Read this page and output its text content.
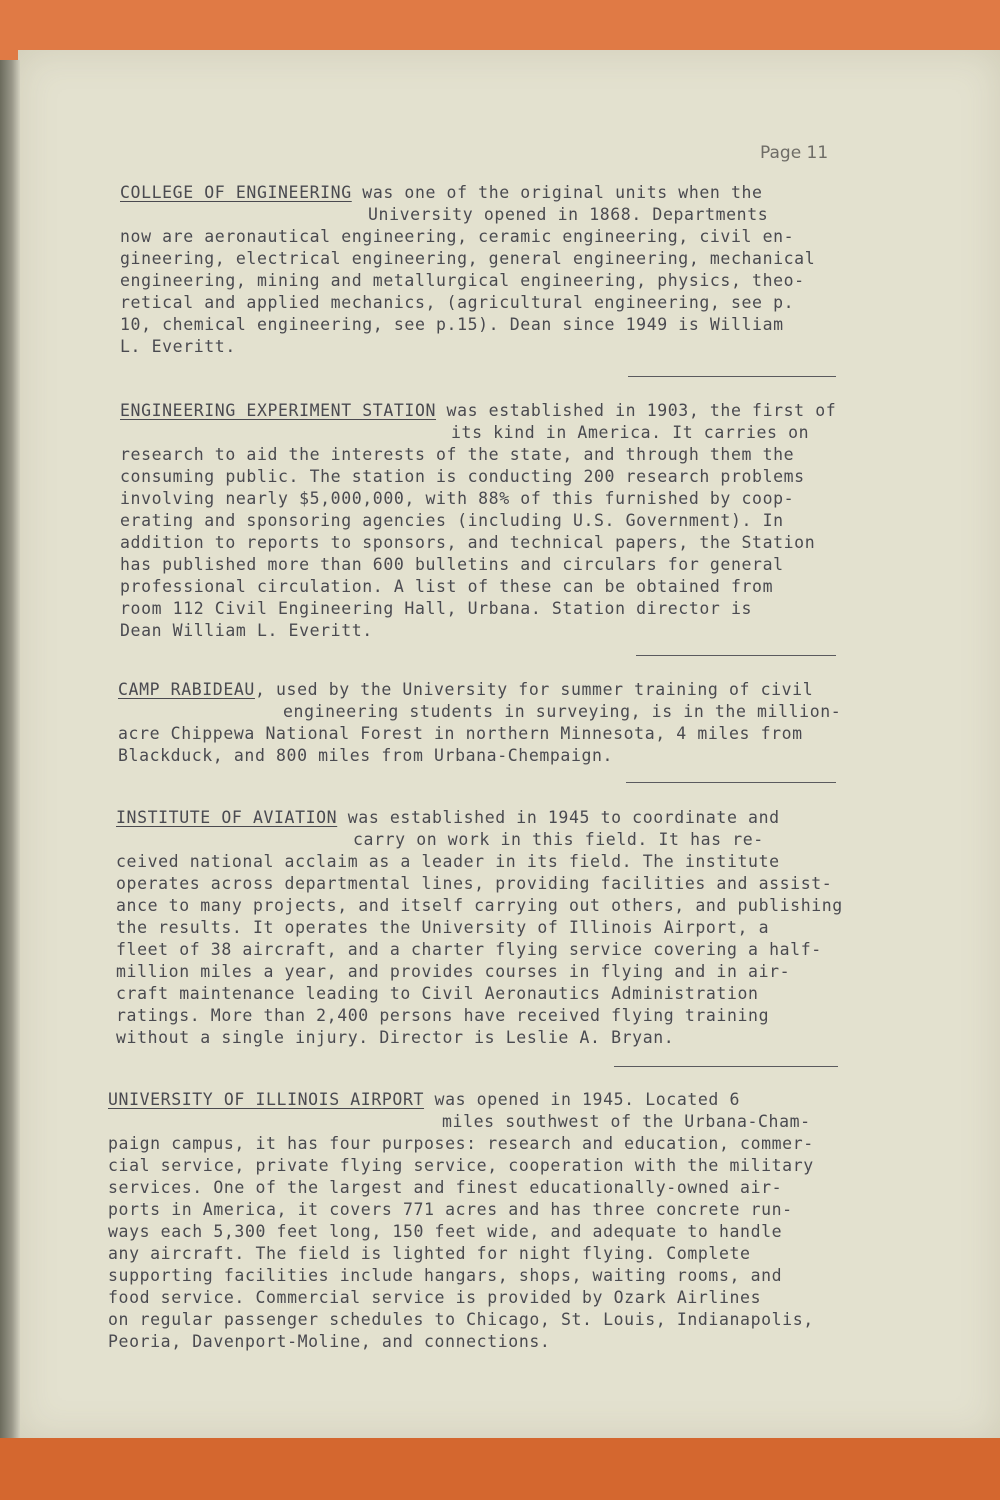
Page 11
COLLEGE OF ENGINEERING was one of the original units when the
University opened in 1868. Departments
now are aeronautical engineering, ceramic engineering, civil en-
gineering, electrical engineering, general engineering, mechanical
engineering, mining and metallurgical engineering, physics, theo-
retical and applied mechanics, (agricultural engineering, see p.
10, chemical engineering, see p.15). Dean since 1949 is William
L. Everitt.
ENGINEERING EXPERIMENT STATION was established in 1903, the first of
its kind in America. It carries on
research to aid the interests of the state, and through them the
consuming public. The station is conducting 200 research problems
involving nearly $5,000,000, with 88% of this furnished by coop-
erating and sponsoring agencies (including U.S. Government). In
addition to reports to sponsors, and technical papers, the Station
has published more than 600 bulletins and circulars for general
professional circulation. A list of these can be obtained from
room 112 Civil Engineering Hall, Urbana. Station director is
Dean William L. Everitt.
CAMP RABIDEAU, used by the University for summer training of civil
engineering students in surveying, is in the million-
acre Chippewa National Forest in northern Minnesota, 4 miles from
Blackduck, and 800 miles from Urbana-Chempaign.
INSTITUTE OF AVIATION was established in 1945 to coordinate and
carry on work in this field. It has re-
ceived national acclaim as a leader in its field. The institute
operates across departmental lines, providing facilities and assist-
ance to many projects, and itself carrying out others, and publishing
the results. It operates the University of Illinois Airport, a
fleet of 38 aircraft, and a charter flying service covering a half-
million miles a year, and provides courses in flying and in air-
craft maintenance leading to Civil Aeronautics Administration
ratings. More than 2,400 persons have received flying training
without a single injury. Director is Leslie A. Bryan.
UNIVERSITY OF ILLINOIS AIRPORT was opened in 1945. Located 6
miles southwest of the Urbana-Cham-
paign campus, it has four purposes: research and education, commer-
cial service, private flying service, cooperation with the military
services. One of the largest and finest educationally-owned air-
ports in America, it covers 771 acres and has three concrete run-
ways each 5,300 feet long, 150 feet wide, and adequate to handle
any aircraft. The field is lighted for night flying. Complete
supporting facilities include hangars, shops, waiting rooms, and
food service. Commercial service is provided by Ozark Airlines
on regular passenger schedules to Chicago, St. Louis, Indianapolis,
Peoria, Davenport-Moline, and connections.
